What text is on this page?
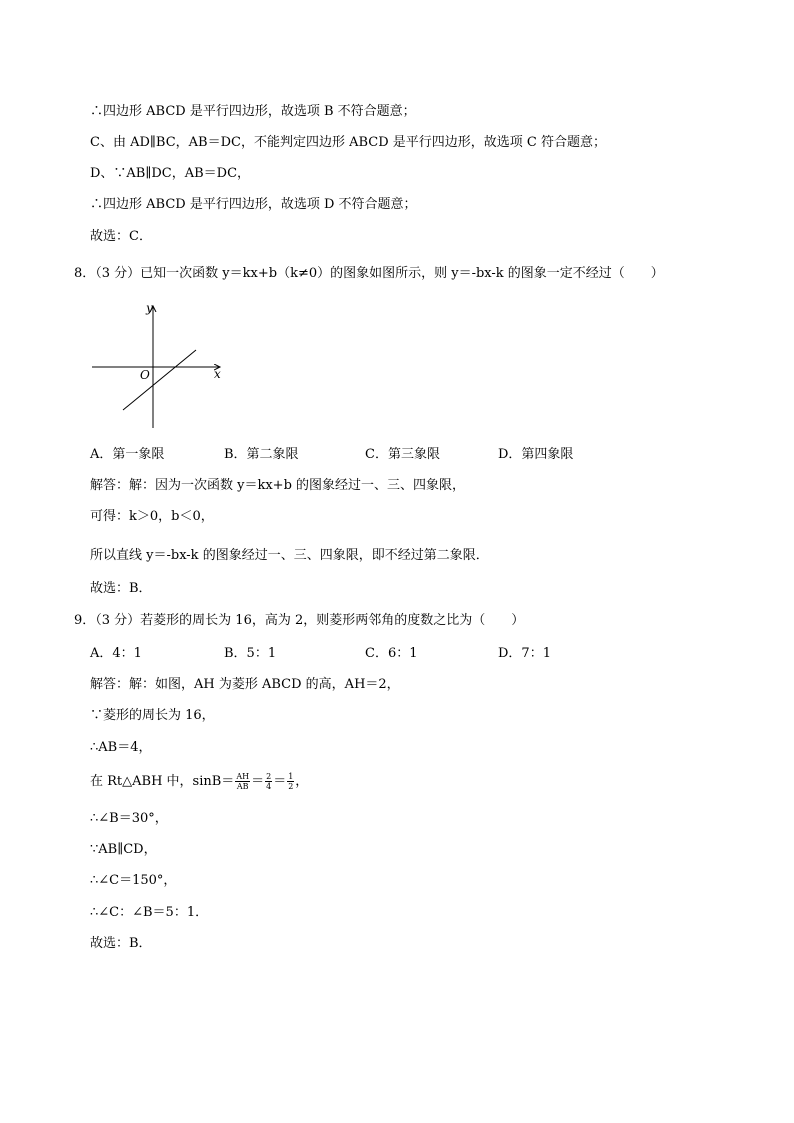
∴四边形 ABCD 是平行四边形，故选项 B 不符合题意；
C、由 AD∥BC，AB＝DC，不能判定四边形 ABCD 是平行四边形，故选项 C 符合题意；
D、∵AB∥DC，AB＝DC，
∴四边形 ABCD 是平行四边形，故选项 D 不符合题意；
故选：C．
8．（3 分）已知一次函数 y＝kx+b（k≠0）的图象如图所示，则 y＝-bx-k 的图象一定不经过（　　）
y
x
O
A．第一象限	B．第二象限	C．第三象限	D．第四象限
解答：解：因为一次函数 y＝kx+b 的图象经过一、三、四象限，
可得：k＞0，b＜0，
所以直线 y＝-bx-k 的图象经过一、三、四象限，即不经过第二象限．
故选：B．
9．（3 分）若菱形的周长为 16，高为 2，则菱形两邻角的度数之比为（　　）
A．4：1	B．5：1	C．6：1	D．7：1
解答：解：如图，AH 为菱形 ABCD 的高，AH＝2，
∵菱形的周长为 16，
∴AB＝4，
在 Rt△ABH 中，$\sin B= \frac{AH}{AB} = \frac{2}{4} = \frac{1}{2}$ ，
∴∠B＝30°，
∵AB∥CD，
∴∠C＝150°，
∴∠C：∠B＝5：1．
故选：B．
